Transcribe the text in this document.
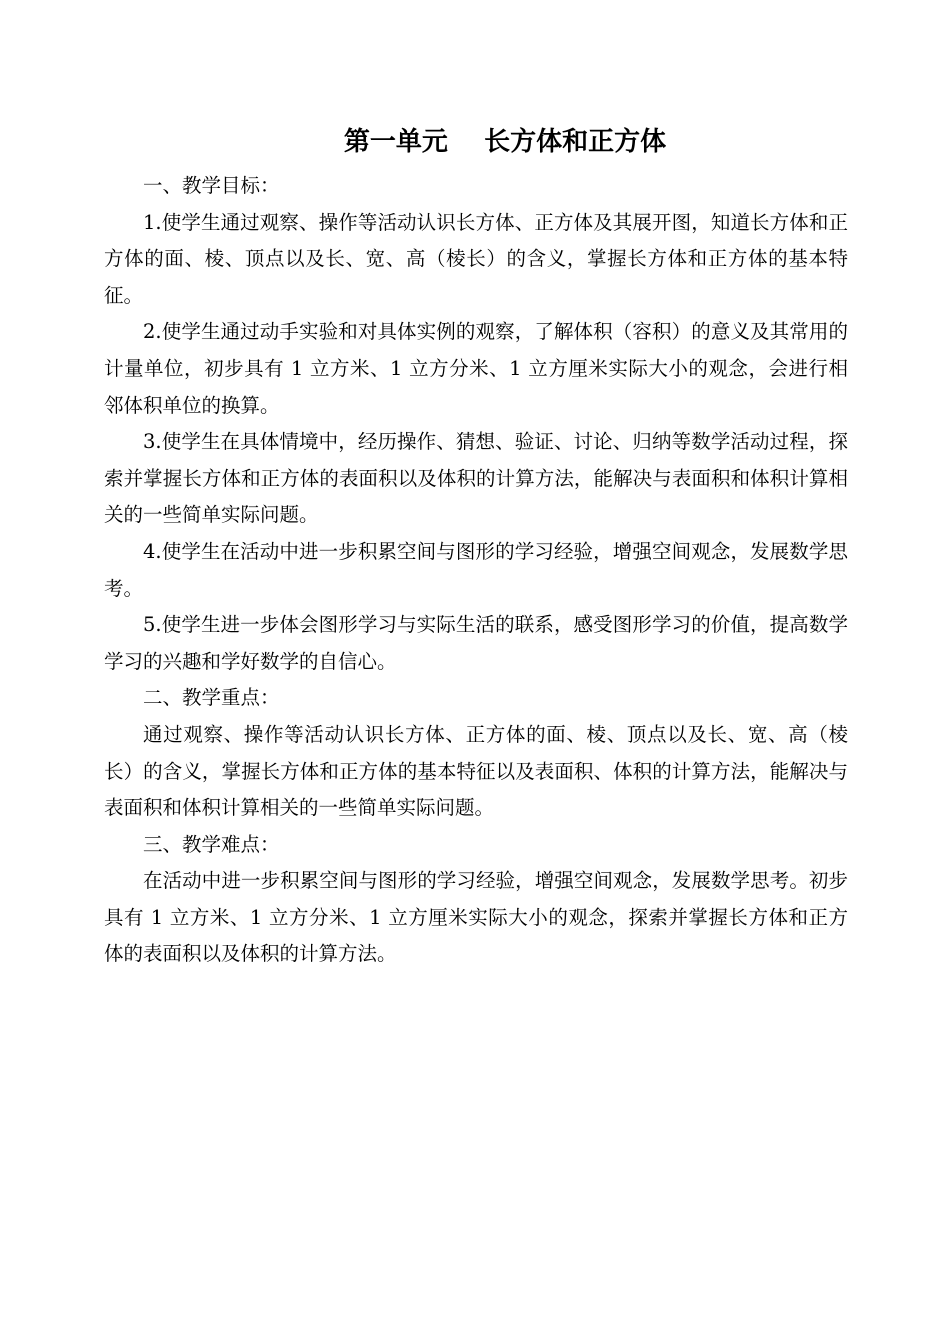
第一单元    长方体和正方体

一、教学目标：

1.使学生通过观察、操作等活动认识长方体、正方体及其展开图，知道长方体和正方体的面、棱、顶点以及长、宽、高（棱长）的含义，掌握长方体和正方体的基本特征。

2.使学生通过动手实验和对具体实例的观察，了解体积（容积）的意义及其常用的计量单位，初步具有 1 立方米、1 立方分米、1 立方厘米实际大小的观念，会进行相邻体积单位的换算。

3.使学生在具体情境中，经历操作、猜想、验证、讨论、归纳等数学活动过程，探索并掌握长方体和正方体的表面积以及体积的计算方法，能解决与表面积和体积计算相关的一些简单实际问题。

4.使学生在活动中进一步积累空间与图形的学习经验，增强空间观念，发展数学思考。

5.使学生进一步体会图形学习与实际生活的联系，感受图形学习的价值，提高数学学习的兴趣和学好数学的自信心。

二、教学重点：

通过观察、操作等活动认识长方体、正方体的面、棱、顶点以及长、宽、高（棱长）的含义，掌握长方体和正方体的基本特征以及表面积、体积的计算方法，能解决与表面积和体积计算相关的一些简单实际问题。

三、教学难点：

在活动中进一步积累空间与图形的学习经验，增强空间观念，发展数学思考。初步具有 1 立方米、1 立方分米、1 立方厘米实际大小的观念，探索并掌握长方体和正方体的表面积以及体积的计算方法。
